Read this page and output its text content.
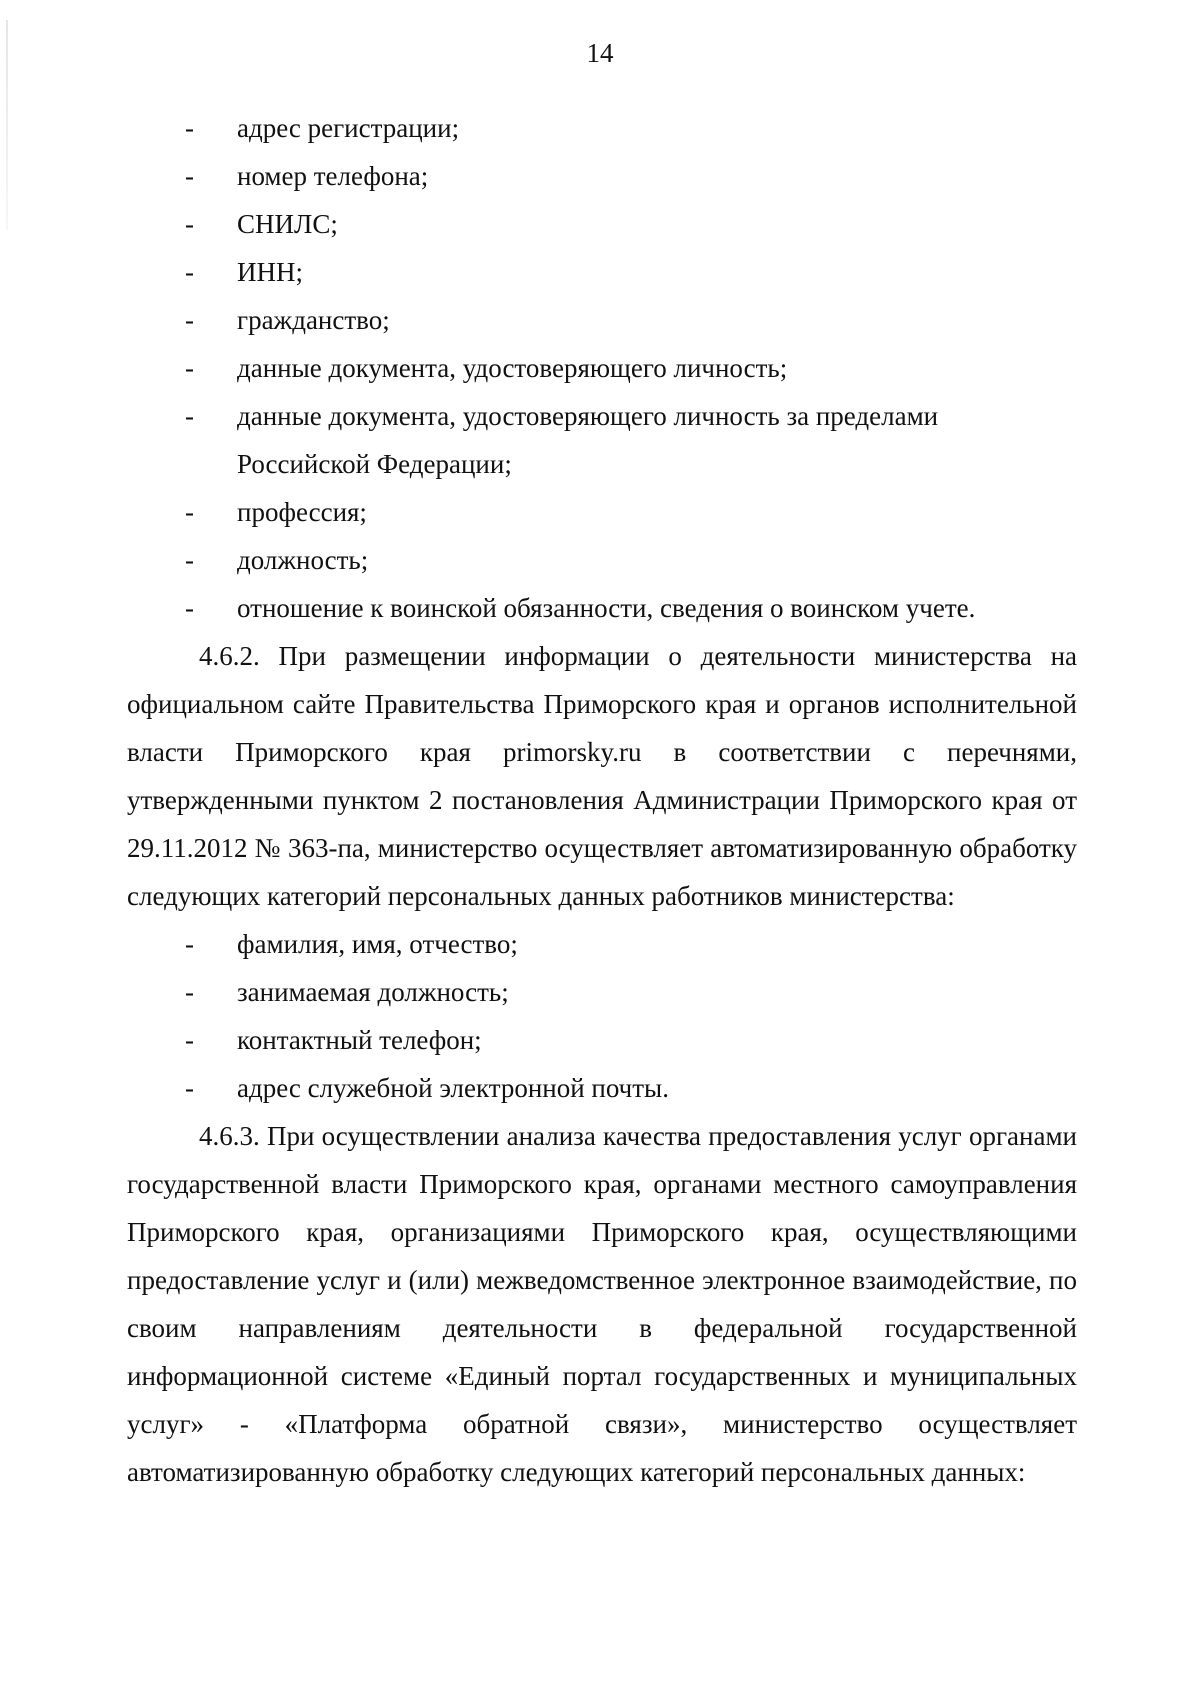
14
- адрес регистрации;
- номер телефона;
- СНИЛС;
- ИНН;
- гражданство;
- данные документа, удостоверяющего личность;
- данные документа, удостоверяющего личность за пределами Российской Федерации;
- профессия;
- должность;
- отношение к воинской обязанности, сведения о воинском учете.
4.6.2. При размещении информации о деятельности министерства на официальном сайте Правительства Приморского края и органов исполнительной власти Приморского края primorsky.ru в соответствии с перечнями, утвержденными пунктом 2 постановления Администрации Приморского края от 29.11.2012 № 363-па, министерство осуществляет автоматизированную обработку следующих категорий персональных данных работников министерства:
- фамилия, имя, отчество;
- занимаемая должность;
- контактный телефон;
- адрес служебной электронной почты.
4.6.3. При осуществлении анализа качества предоставления услуг органами государственной власти Приморского края, органами местного самоуправления Приморского края, организациями Приморского края, осуществляющими предоставление услуг и (или) межведомственное электронное взаимодействие, по своим направлениям деятельности в федеральной государственной информационной системе «Единый портал государственных и муниципальных услуг» - «Платформа обратной связи», министерство осуществляет автоматизированную обработку следующих категорий персональных данных:
